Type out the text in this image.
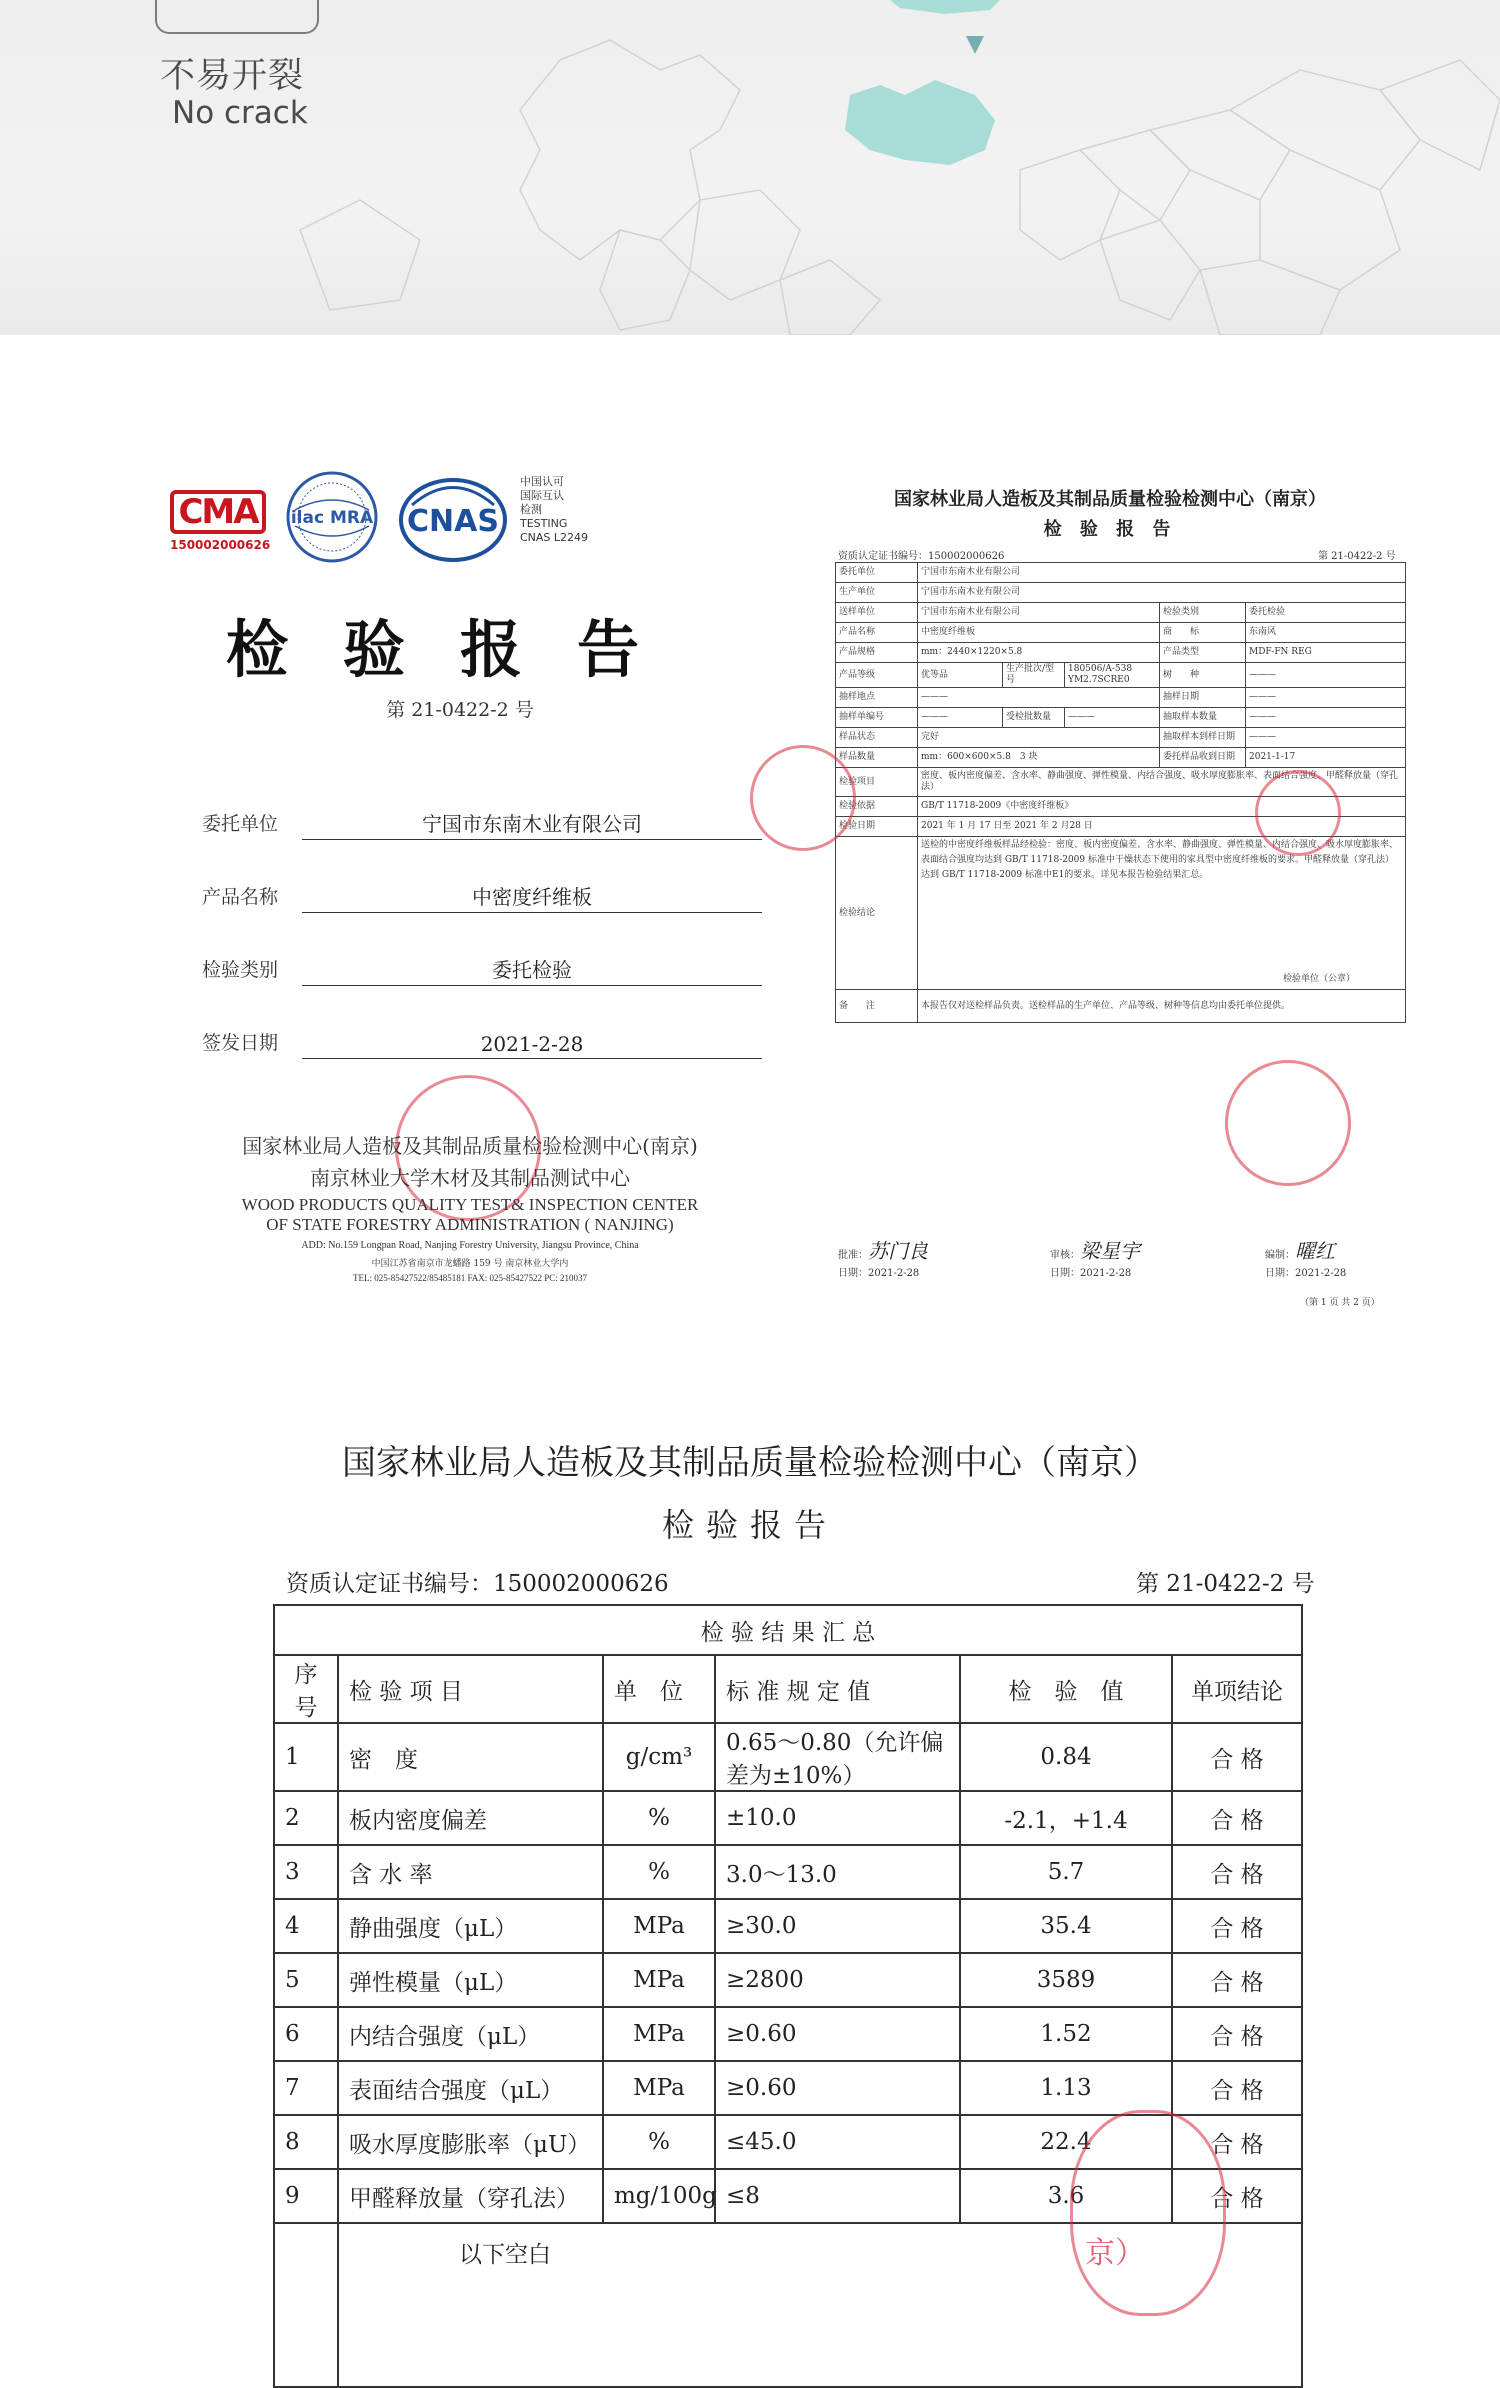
不易开裂
No crack
CMA
150002000626
ilac MRA CNAS
中国认可
国际互认
检测
TESTING
CNAS L2249
检验报告
第 21-0422-2 号
委托单位	宁国市东南木业有限公司
产品名称	中密度纤维板
检验类别	委托检验
签发日期	2021-2-28
国家林业局人造板及其制品质量检验检测中心(南京)
南京林业大学木材及其制品测试中心
WOOD PRODUCTS QUALITY TEST& INSPECTION CENTER
OF STATE FORESTRY ADMINISTRATION ( NANJING)
ADD: No.159 Longpan Road, Nanjing Forestry University, Jiangsu Province, China
中国江苏省南京市龙蟠路 159 号 南京林业大学内
TEL: 025-85427522/85485181 FAX: 025-85427522 PC: 210037
国家林业局人造板及其制品质量检验检测中心（南京）
检 验 报 告
资质认定证书编号：150002000626	第 21-0422-2 号
委托单位	宁国市东南木业有限公司				
生产单位	宁国市东南木业有限公司				
送样单位	宁国市东南木业有限公司			检验类别	委托检验
产品名称	中密度纤维板			商　　标	东南风
产品规格	mm：2440×1220×5.8			产品类型	MDF-FN REG
产品等级	优等品	生产批次/型号	180506/A-538 YM2.7SCRE0	树　　种	———
抽样地点	———			抽样日期	———
抽样单编号	———	受检批数量	———	抽取样本数量	———
样品状态	完好			抽取样本到样日期	———
样品数量	mm：600×600×5.8　3 块			委托样品收到日期	2021-1-17
检验项目	密度、板内密度偏差、含水率、静曲强度、弹性模量、内结合强度、吸水厚度膨胀率、表面结合强度、甲醛释放量（穿孔法）				
检验依据	GB/T 11718-2009《中密度纤维板》				
检验日期	2021 年 1 月 17 日至 2021 年 2 月28 日				
检验结论	送检的中密度纤维板样品经检验：密度、板内密度偏差、含水率、静曲强度、弹性模量、内结合强度、吸水厚度膨胀率、表面结合强度均达到 GB/T 11718-2009 标准中干燥状态下使用的家具型中密度纤维板的要求。甲醛释放量（穿孔法）达到 GB/T 11718-2009 标准中E1的要求。详见本报告检验结果汇总。
检验单位（公章）				

备　　注	本报告仅对送检样品负责。送检样品的生产单位、产品等级、树种等信息均由委托单位提供。				
批准：苏门良
日期：2021-2-28
审核：梁星宇
日期：2021-2-28
编制：曜红
日期：2021-2-28
（第 1 页 共 2 页）
国家林业局人造板及其制品质量检验检测中心（南京）
检验报告
资质认定证书编号：150002000626	第 21-0422-2 号
检 验 结 果 汇 总					
序号	检 验 项 目	单　位	标 准 规 定 值	检　验　值	单项结论
1	密　度	g/cm³	0.65～0.80（允许偏差为±10%）	0.84	合 格
2	板内密度偏差	%	±10.0	-2.1，+1.4	合 格
3	含 水 率	%	3.0～13.0	5.7	合 格
4	静曲强度（μL）	MPa	≥30.0	35.4	合 格
5	弹性模量（μL）	MPa	≥2800	3589	合 格
6	内结合强度（μL）	MPa	≥0.60	1.52	合 格
7	表面结合强度（μL）	MPa	≥0.60	1.13	合 格
8	吸水厚度膨胀率（μU）	%	≤45.0	22.4	合 格
9	甲醛释放量（穿孔法）	mg/100g	≤8	3.6	合 格
	以下空白					京）
